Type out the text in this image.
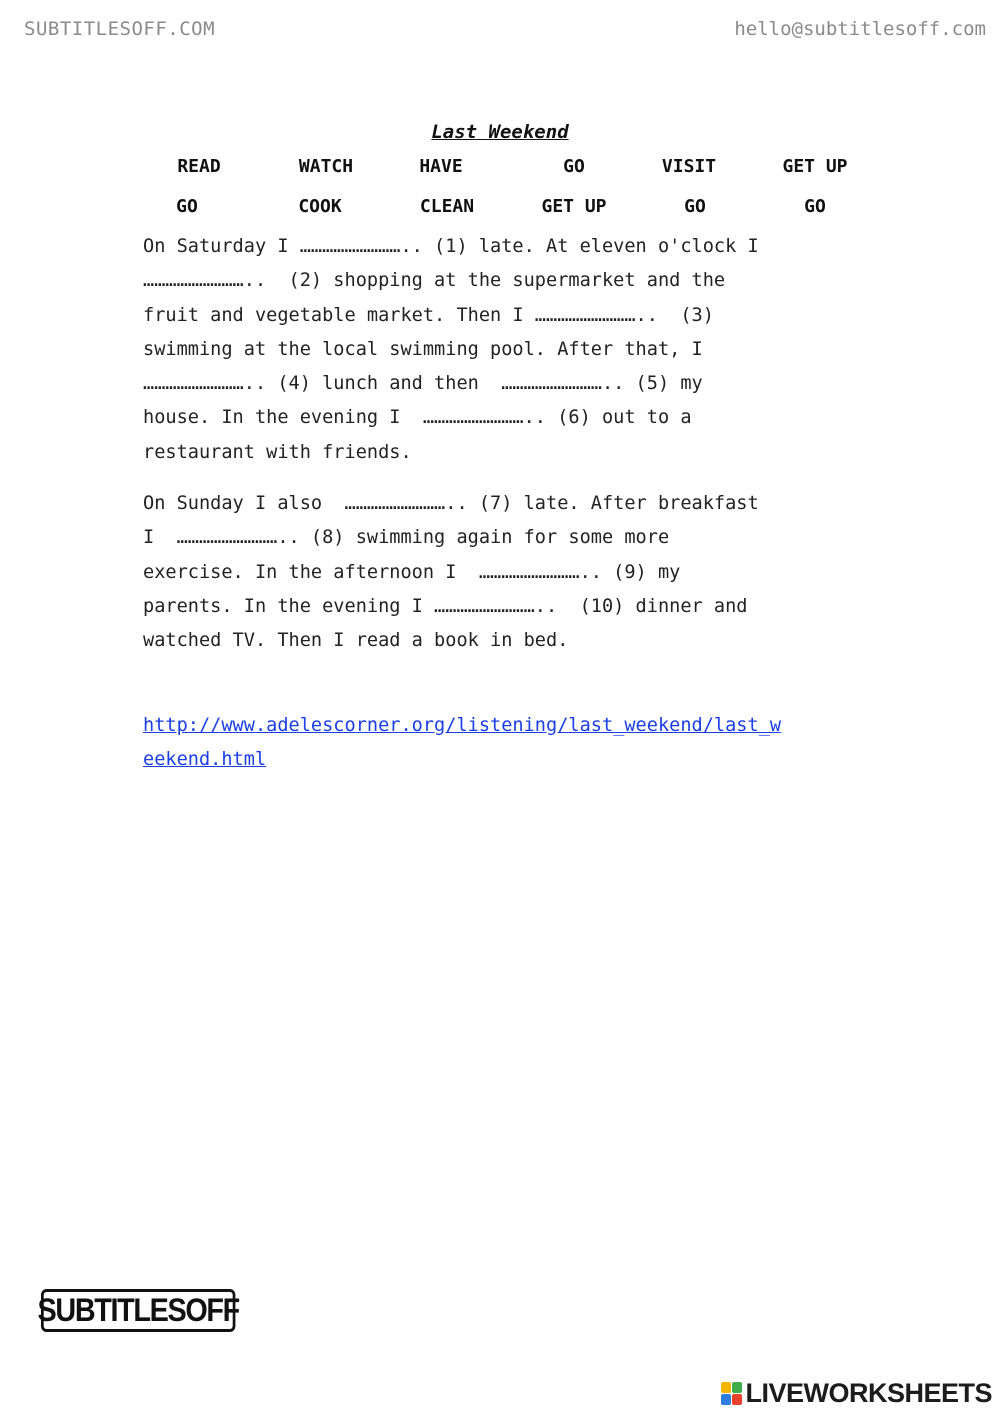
SUBTITLESOFF.COM	hello@subtitlesoff.com
Last Weekend
READ	WATCH	HAVE	GO	VISIT	GET UP
GO	COOK	CLEAN	GET UP	GO	GO

On Saturday I ……………………….. (1) late. At eleven o'clock I
………………………..  (2) shopping at the supermarket and the
fruit and vegetable market. Then I ………………………..  (3)
swimming at the local swimming pool. After that, I
……………………….. (4) lunch and then  ……………………….. (5) my
house. In the evening I  ……………………….. (6) out to a
restaurant with friends.

On Sunday I also  ……………………….. (7) late. After breakfast
I  ……………………….. (8) swimming again for some more
exercise. In the afternoon I  ……………………….. (9) my
parents. In the evening I ………………………..  (10) dinner and
watched TV. Then I read a book in bed.

http://www.adelescorner.org/listening/last_weekend/last_w
eekend.html
SUBTITLESOFF
LIVEWORKSHEETS
